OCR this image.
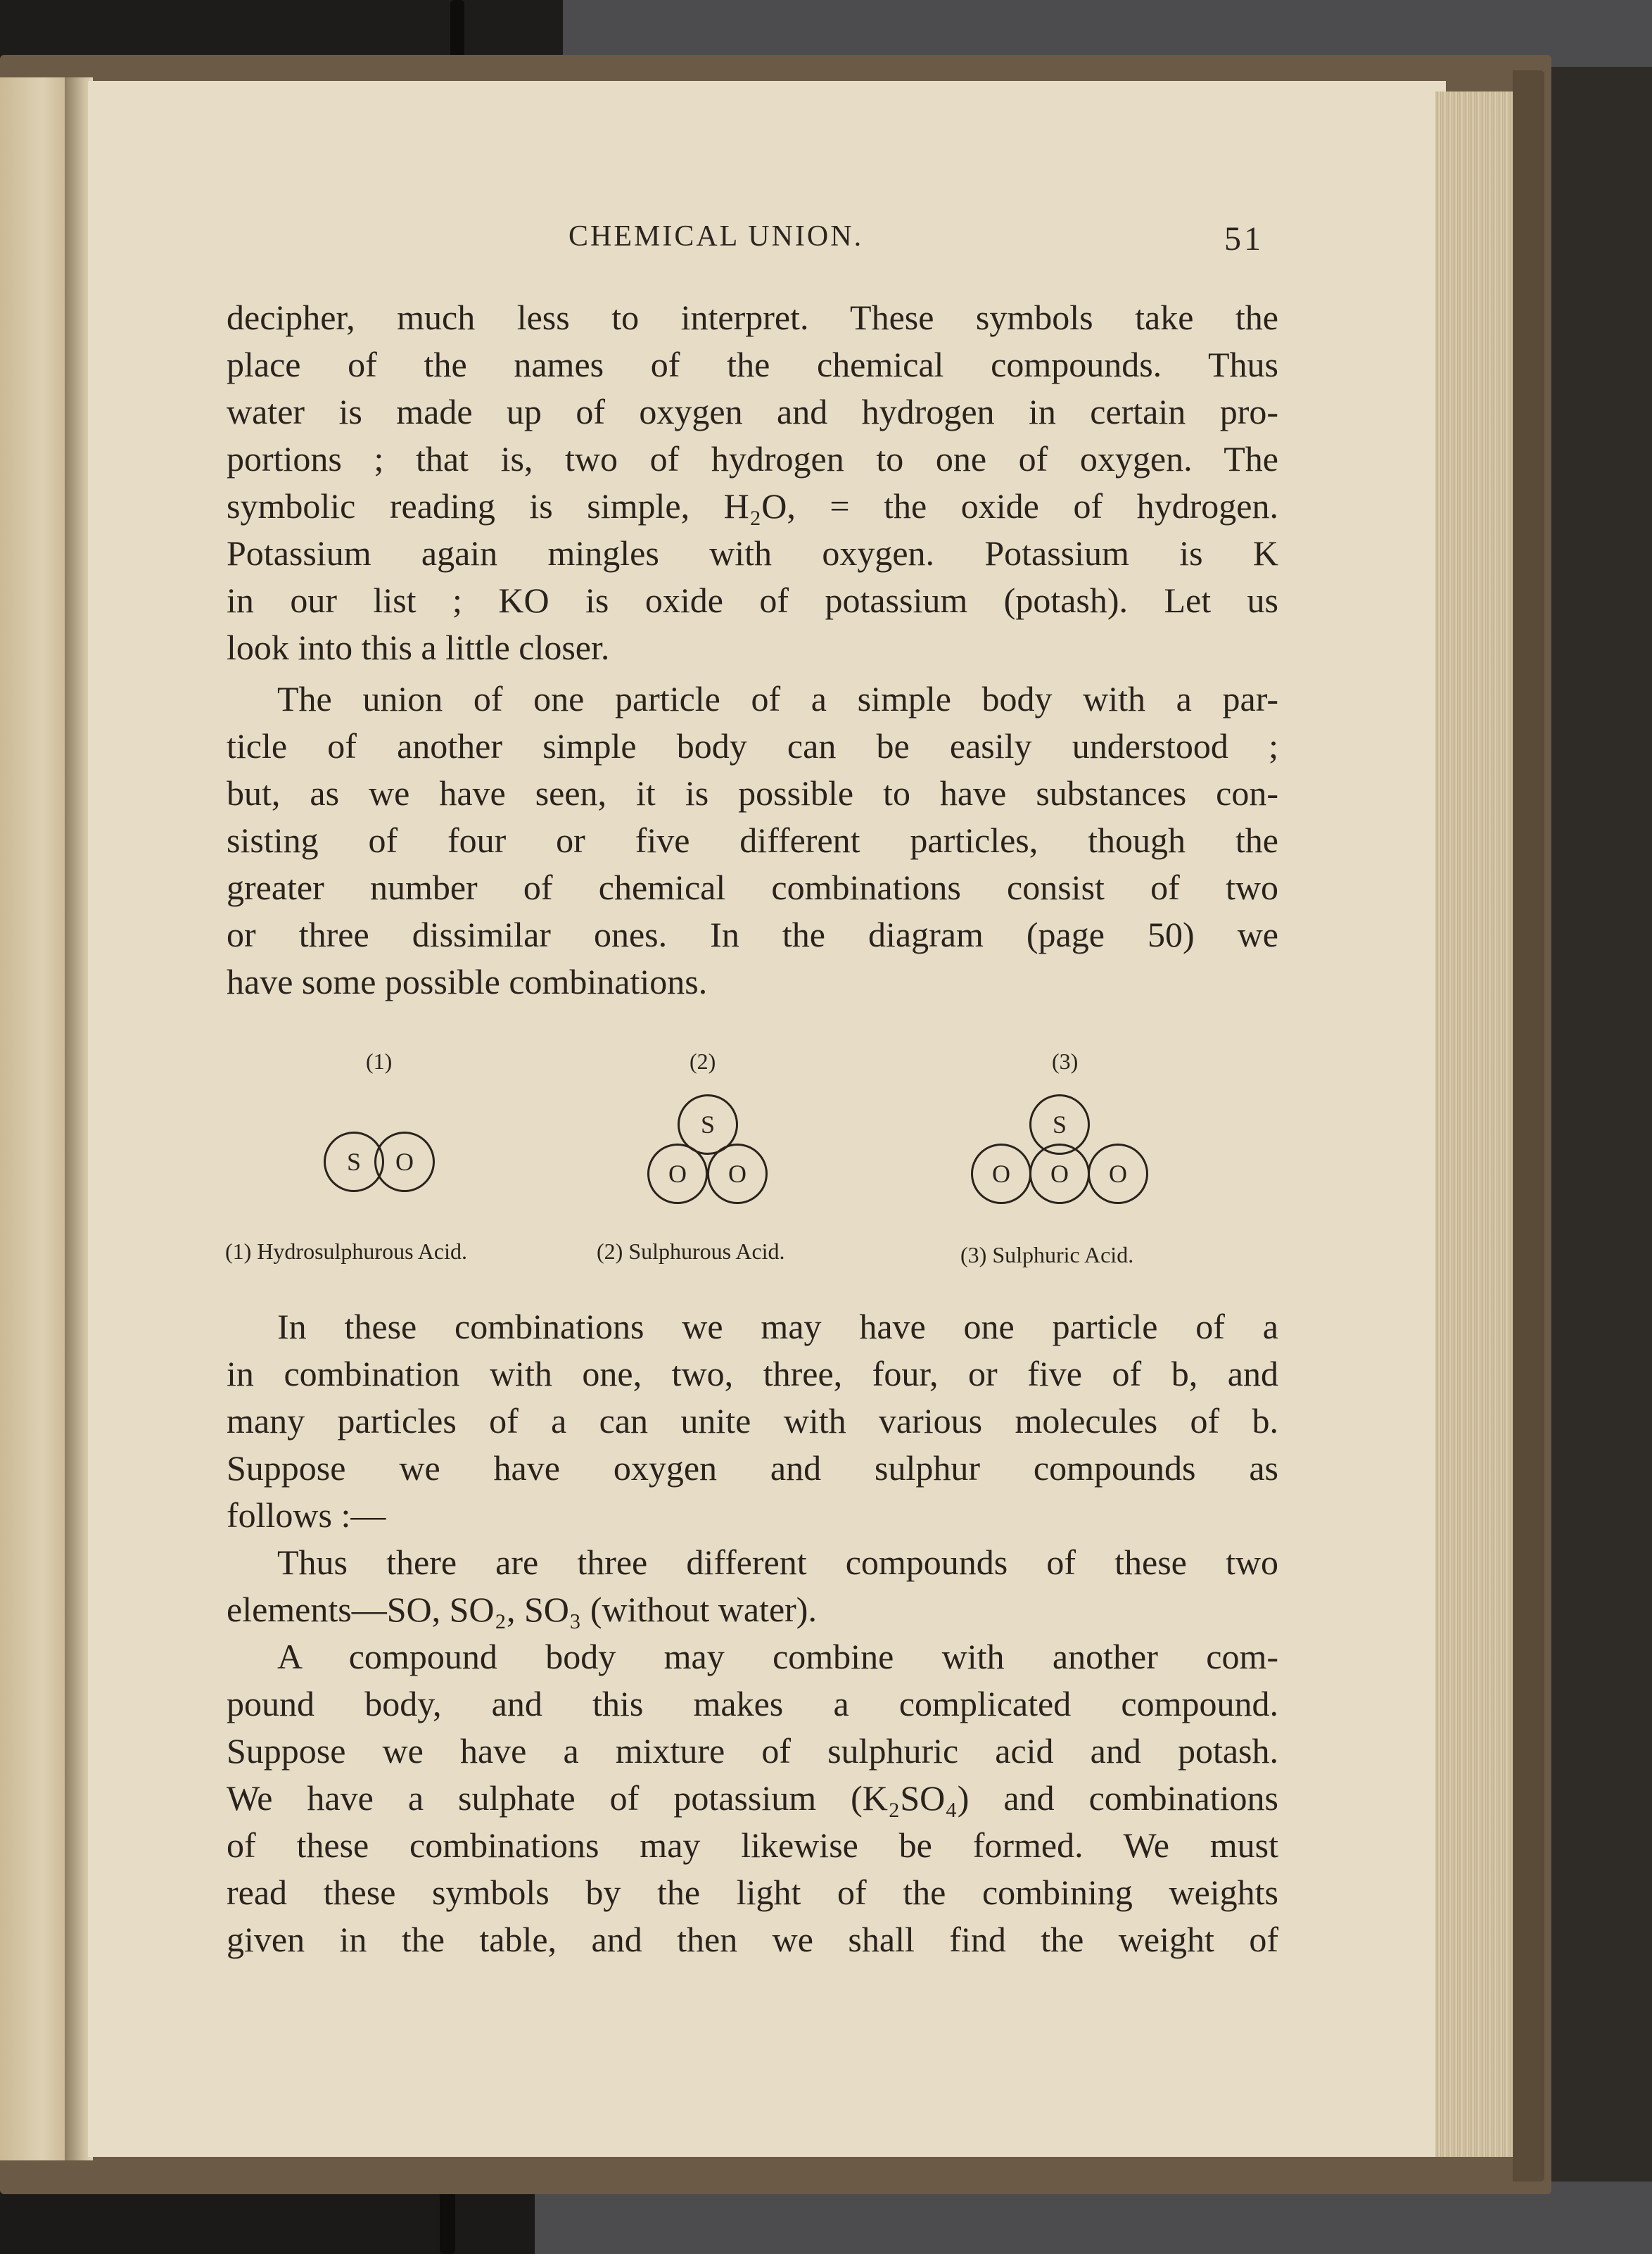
CHEMICAL UNION.	51
decipher, much less to interpret. These symbols take the
place of the names of the chemical compounds. Thus
water is made up of oxygen and hydrogen in certain pro-
portions ; that is, two of hydrogen to one of oxygen. The
symbolic reading is simple, H₂O, = the oxide of hydrogen.
Potassium again mingles with oxygen. Potassium is K
in our list ; KO is oxide of potassium (potash). Let us
look into this a little closer.
The union of one particle of a simple body with a par-
ticle of another simple body can be easily understood ;
but, as we have seen, it is possible to have substances con-
sisting of four or five different particles, though the
greater number of chemical combinations consist of two
or three dissimilar ones. In the diagram (page 50) we
have some possible combinations.
(1)
S	O
(1) Hydrosulphurous Acid.
(2)
S
O	O
(2) Sulphurous Acid.
(3)
S
O	O	O
(3) Sulphuric Acid.
In these combinations we may have one particle of a
in combination with one, two, three, four, or five of b, and
many particles of a can unite with various molecules of b.
Suppose we have oxygen and sulphur compounds as
follows :—
Thus there are three different compounds of these two
elements—SO, SO₂, SO₃ (without water).
A compound body may combine with another com-
pound body, and this makes a complicated compound.
Suppose we have a mixture of sulphuric acid and potash.
We have a sulphate of potassium (K₂SO₄) and combinations
of these combinations may likewise be formed. We must
read these symbols by the light of the combining weights
given in the table, and then we shall find the weight of
